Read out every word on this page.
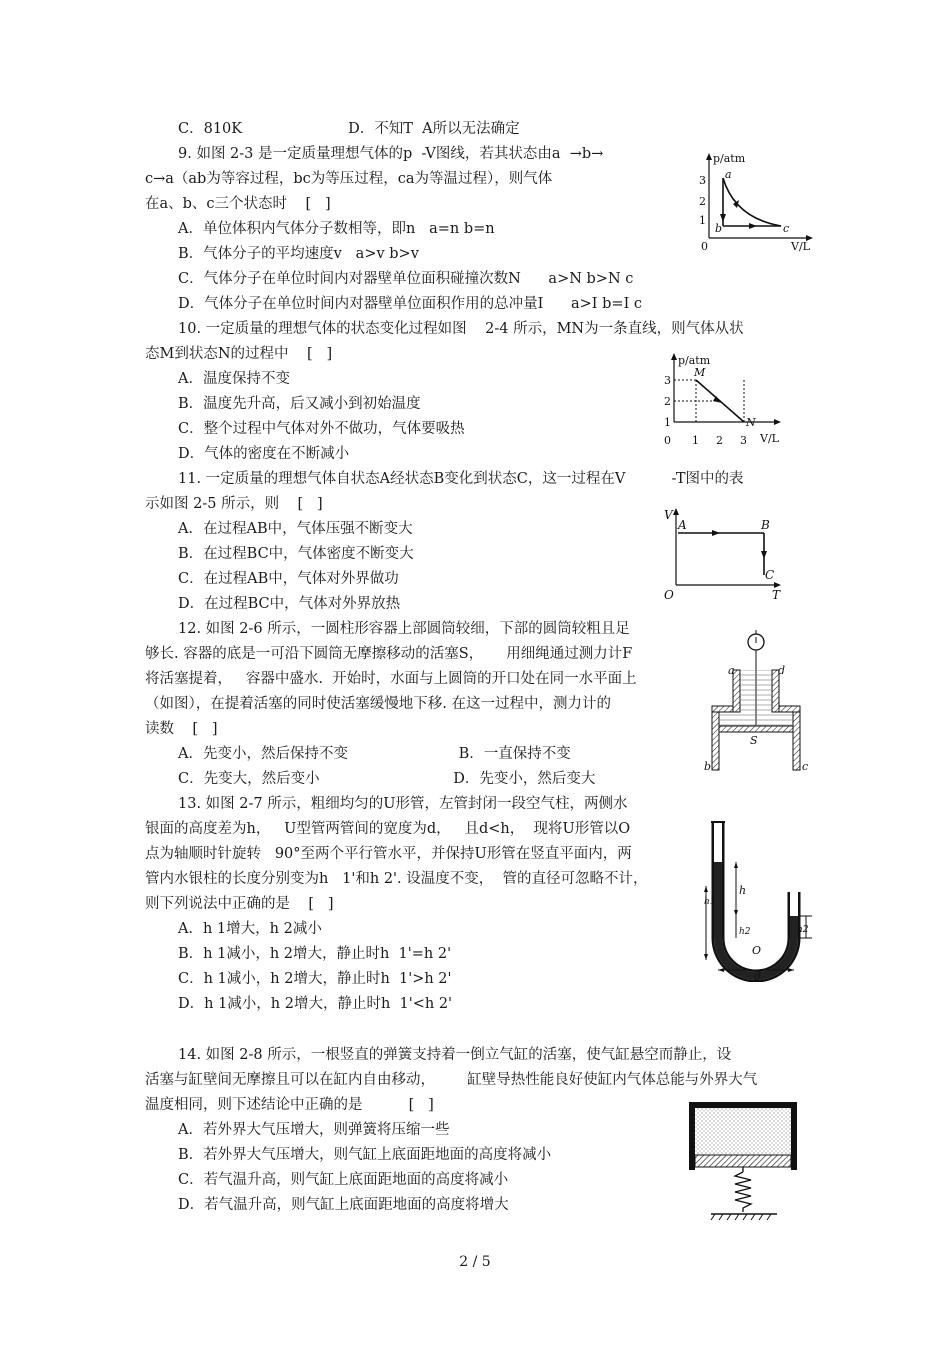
C．810K                       D．不知T  A所以无法确定
9. 如图 2-3 是一定质量理想气体的p  -V图线，若其状态由a  →b→
c→a（ab为等容过程，bc为等压过程，ca为等温过程），则气体
在a、b、c三个状态时    [   ]
A．单位体积内气体分子数相等，即n   a=n b=n
B．气体分子的平均速度v   a>v b>v
C．气体分子在单位时间内对器壁单位面积碰撞次数N      a>N b>N c
D．气体分子在单位时间内对器壁单位面积作用的总冲量I      a>I b=I c
10. 一定质量的理想气体的状态变化过程如图    2-4 所示，MN为一条直线，则气体从状
态M到状态N的过程中    [   ]
A．温度保持不变
B．温度先升高，后又减小到初始温度
C．整个过程中气体对外不做功，气体要吸热
D．气体的密度在不断减小
11. 一定质量的理想气体自状态A经状态B变化到状态C，这一过程在V          -T图中的表
示如图 2-5 所示，则    [   ]
A．在过程AB中，气体压强不断变大
B．在过程BC中，气体密度不断变大
C．在过程AB中，气体对外界做功
D．在过程BC中，气体对外界放热
12. 如图 2-6 所示，一圆柱形容器上部圆筒较细，下部的圆筒较粗且足
够长. 容器的底是一可沿下圆筒无摩擦移动的活塞S，     用细绳通过测力计F
将活塞提着，   容器中盛水.  开始时，水面与上圆筒的开口处在同一水平面上
（如图），在提着活塞的同时使活塞缓慢地下移. 在这一过程中，测力计的
读数    [   ]
A．先变小，然后保持不变                        B．一直保持不变
C．先变大，然后变小                             D．先变小，然后变大
13. 如图 2-7 所示，粗细均匀的U形管，左管封闭一段空气柱，两侧水
银面的高度差为h，   U型管两管间的宽度为d，   且d<h，  现将U形管以O
点为轴顺时针旋转   90°至两个平行管水平，并保持U形管在竖直平面内，两
管内水银柱的长度分别变为h   1'和h 2'. 设温度不变，  管的直径可忽略不计，
则下列说法中正确的是    [   ]
A．h 1增大，h 2减小
B．h 1减小，h 2增大，静止时h  1'=h 2'
C．h 1减小，h 2增大，静止时h  1'>h 2'
D．h 1减小，h 2增大，静止时h  1'<h 2'
14. 如图 2-8 所示，一根竖直的弹簧支持着一倒立气缸的活塞，使气缸悬空而静止，设
活塞与缸壁间无摩擦且可以在缸内自由移动，       缸壁导热性能良好使缸内气体总能与外界大气
温度相同，则下述结论中正确的是          [   ]
A．若外界大气压增大，则弹簧将压缩一些
B．若外界大气压增大，则气缸上底面距地面的高度将减小
C．若气温升高，则气缸上底面距地面的高度将减小
D．若气温升高，则气缸上底面距地面的高度将增大
p/atm
V/L
3
2
1
0
a
b	c
p/atm
V/L
3
2
1
0 1 2 3
M
N
V
T
O
A	B
C
a	d
S
b	c
h
h1
h2	h2
O
d
2 / 5
